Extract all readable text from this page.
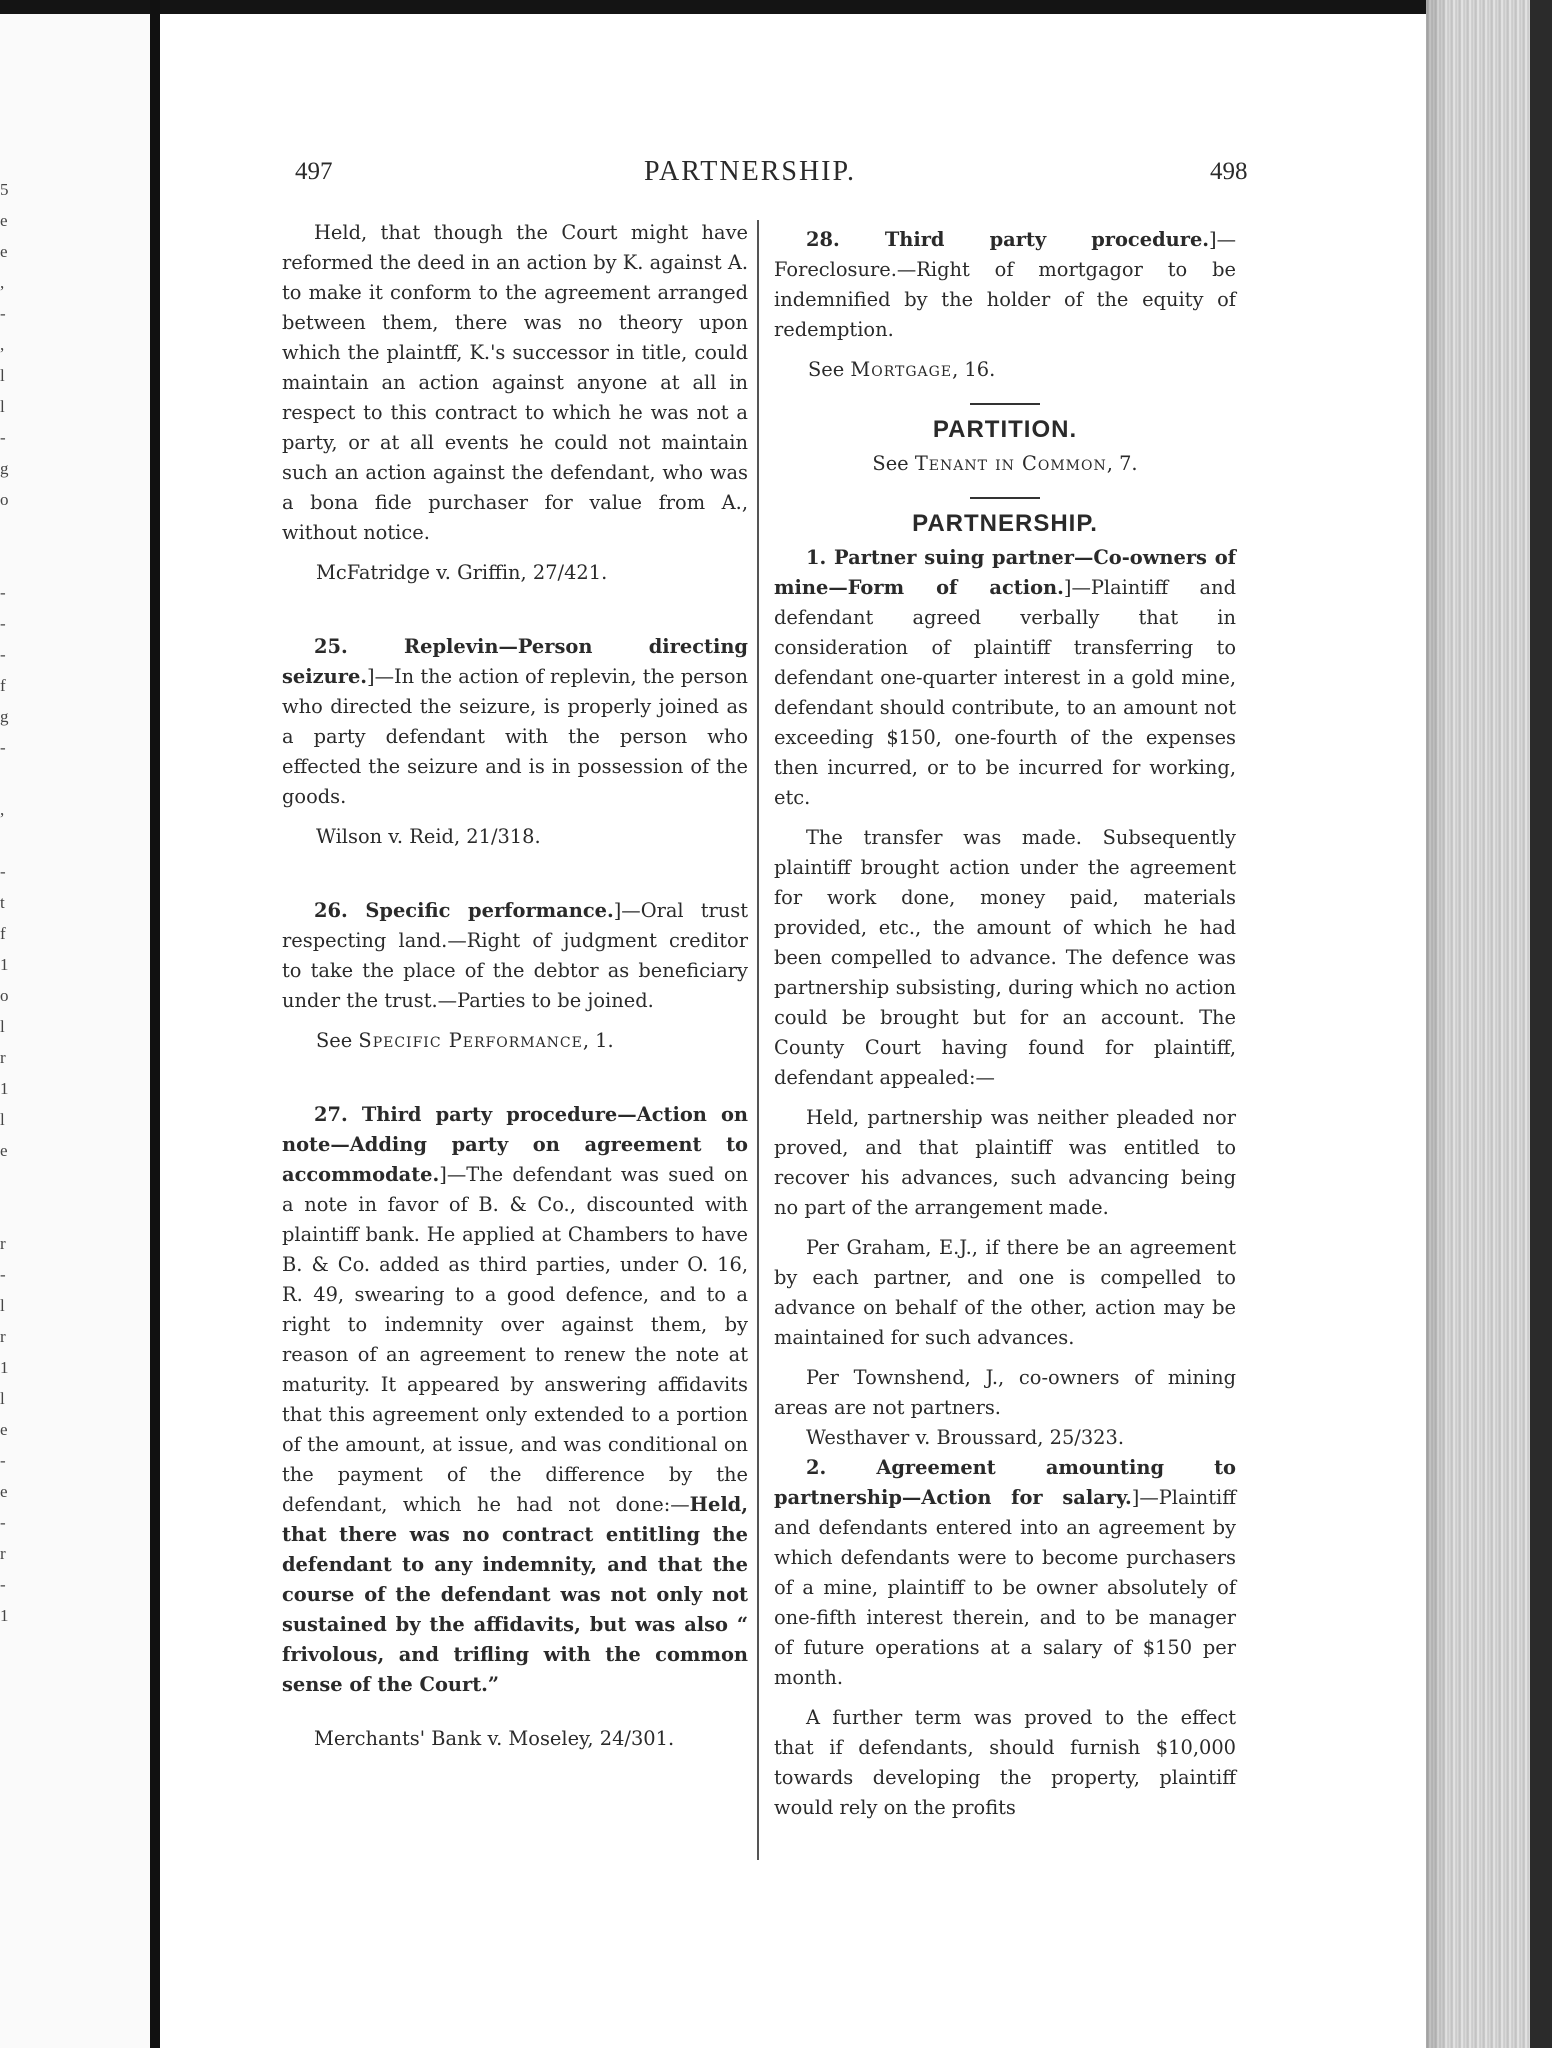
5
e
e
,
-
,
l
l
-
g
o
-
-
-
f
g
-
,
-
t
f
1
o
l
r
1
l
e
r
-
l
r
1
l
e
-
e
-
r
-
1
497	PARTNERSHIP.	498

Held, that though the Court might have reformed the deed in an action by K. against A. to make it conform to the agreement arranged between them, there was no theory upon which the plaintff, K.'s successor in title, could maintain an action against anyone at all in respect to this contract to which he was not a party, or at all events he could not maintain such an action against the defendant, who was a bona fide purchaser for value from A., without notice.

McFatridge v. Griffin, 27/421.

25. Replevin—Person directing seizure.]—In the action of replevin, the person who directed the seizure, is properly joined as a party defendant with the person who effected the seizure and is in possession of the goods.

Wilson v. Reid, 21/318.

26. Specific performance.]—Oral trust respecting land.—Right of judgment creditor to take the place of the debtor as beneficiary under the trust.—Parties to be joined.

See Specific Performance, 1.

27. Third party procedure—Action on note—Adding party on agreement to accommodate.]—The defendant was sued on a note in favor of B. & Co., discounted with plaintiff bank. He applied at Chambers to have B. & Co. added as third parties, under O. 16, R. 49, swearing to a good defence, and to a right to indemnity over against them, by reason of an agreement to renew the note at maturity. It appeared by answering affidavits that this agreement only extended to a portion of the amount, at issue, and was conditional on the payment of the difference by the defendant, which he had not done:—Held, that there was no contract entitling the defendant to any indemnity, and that the course of the defendant was not only not sustained by the affidavits, but was also “ frivolous, and trifling with the common sense of the Court.”

Merchants' Bank v. Moseley, 24/301.

28. Third party procedure.]—Foreclosure.—Right of mortgagor to be indemnified by the holder of the equity of redemption.

See Mortgage, 16.

PARTITION.

See Tenant in Common, 7.

PARTNERSHIP.

1. Partner suing partner—Co-owners of mine—Form of action.]—Plaintiff and defendant agreed verbally that in consideration of plaintiff transferring to defendant one-quarter interest in a gold mine, defendant should contribute, to an amount not exceeding $150, one-fourth of the expenses then incurred, or to be incurred for working, etc.

The transfer was made. Subsequently plaintiff brought action under the agreement for work done, money paid, materials provided, etc., the amount of which he had been compelled to advance. The defence was partnership subsisting, during which no action could be brought but for an account. The County Court having found for plaintiff, defendant appealed:—

Held, partnership was neither pleaded nor proved, and that plaintiff was entitled to recover his advances, such advancing being no part of the arrangement made.

Per Graham, E.J., if there be an agreement by each partner, and one is compelled to advance on behalf of the other, action may be maintained for such advances.

Per Townshend, J., co-owners of mining areas are not partners.

Westhaver v. Broussard, 25/323.

2. Agreement amounting to partnership—Action for salary.]—Plaintiff and defendants entered into an agreement by which defendants were to become purchasers of a mine, plaintiff to be owner absolutely of one-fifth interest therein, and to be manager of future operations at a salary of $150 per month.

A further term was proved to the effect that if defendants, should furnish $10,000 towards developing the property, plaintiff would rely on the profits
